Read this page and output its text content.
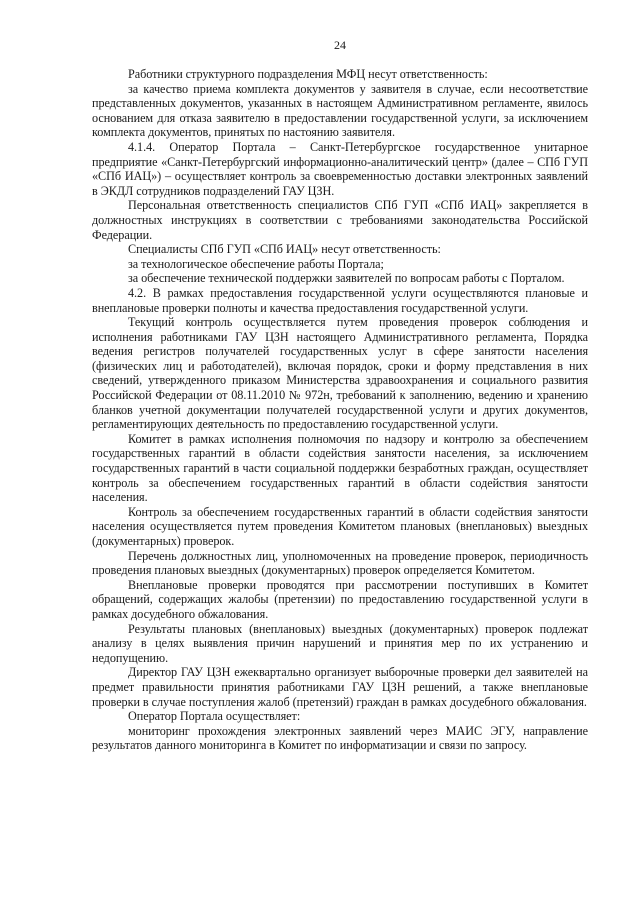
24

Работники структурного подразделения МФЦ несут ответственность:

за качество приема комплекта документов у заявителя в случае, если несоответствие представленных документов, указанных в настоящем Административном регламенте, явилось основанием для отказа заявителю в предоставлении государственной услуги, за исключением комплекта документов, принятых по настоянию заявителя.

4.1.4. Оператор Портала – Санкт-Петербургское государственное унитарное предприятие «Санкт-Петербургский информационно-аналитический центр» (далее – СПб ГУП «СПб ИАЦ») – осуществляет контроль за своевременностью доставки электронных заявлений в ЭКДЛ сотрудников подразделений ГАУ ЦЗН.

Персональная ответственность специалистов СПб ГУП «СПб ИАЦ» закрепляется в должностных инструкциях в соответствии с требованиями законодательства Российской Федерации.

Специалисты СПб ГУП «СПб ИАЦ» несут ответственность:

за технологическое обеспечение работы Портала;

за обеспечение технической поддержки заявителей по вопросам работы с Порталом.

4.2. В рамках предоставления государственной услуги осуществляются плановые и внеплановые проверки полноты и качества предоставления государственной услуги.

Текущий контроль осуществляется путем проведения проверок соблюдения и исполнения работниками ГАУ ЦЗН настоящего Административного регламента, Порядка ведения регистров получателей государственных услуг в сфере занятости населения (физических лиц и работодателей), включая порядок, сроки и форму представления в них сведений, утвержденного приказом Министерства здравоохранения и социального развития Российской Федерации от 08.11.2010 № 972н, требований к заполнению, ведению и хранению бланков учетной документации получателей государственной услуги и других документов, регламентирующих деятельность по предоставлению государственной услуги.

Комитет в рамках исполнения полномочия по надзору и контролю за обеспечением государственных гарантий в области содействия занятости населения, за исключением государственных гарантий в части социальной поддержки безработных граждан, осуществляет контроль за обеспечением государственных гарантий в области содействия занятости населения.

Контроль за обеспечением государственных гарантий в области содействия занятости населения осуществляется путем проведения Комитетом плановых (внеплановых) выездных (документарных) проверок.

Перечень должностных лиц, уполномоченных на проведение проверок, периодичность проведения плановых выездных (документарных) проверок определяется Комитетом.

Внеплановые проверки проводятся при рассмотрении поступивших в Комитет обращений, содержащих жалобы (претензии) по предоставлению государственной услуги в рамках досудебного обжалования.

Результаты плановых (внеплановых) выездных (документарных) проверок подлежат анализу в целях выявления причин нарушений и принятия мер по их устранению и недопущению.

Директор ГАУ ЦЗН ежеквартально организует выборочные проверки дел заявителей на предмет правильности принятия работниками ГАУ ЦЗН решений, а также внеплановые проверки в случае поступления жалоб (претензий) граждан в рамках досудебного обжалования.

Оператор Портала осуществляет:

мониторинг прохождения электронных заявлений через МАИС ЭГУ, направление результатов данного мониторинга в Комитет по информатизации и связи по запросу.
